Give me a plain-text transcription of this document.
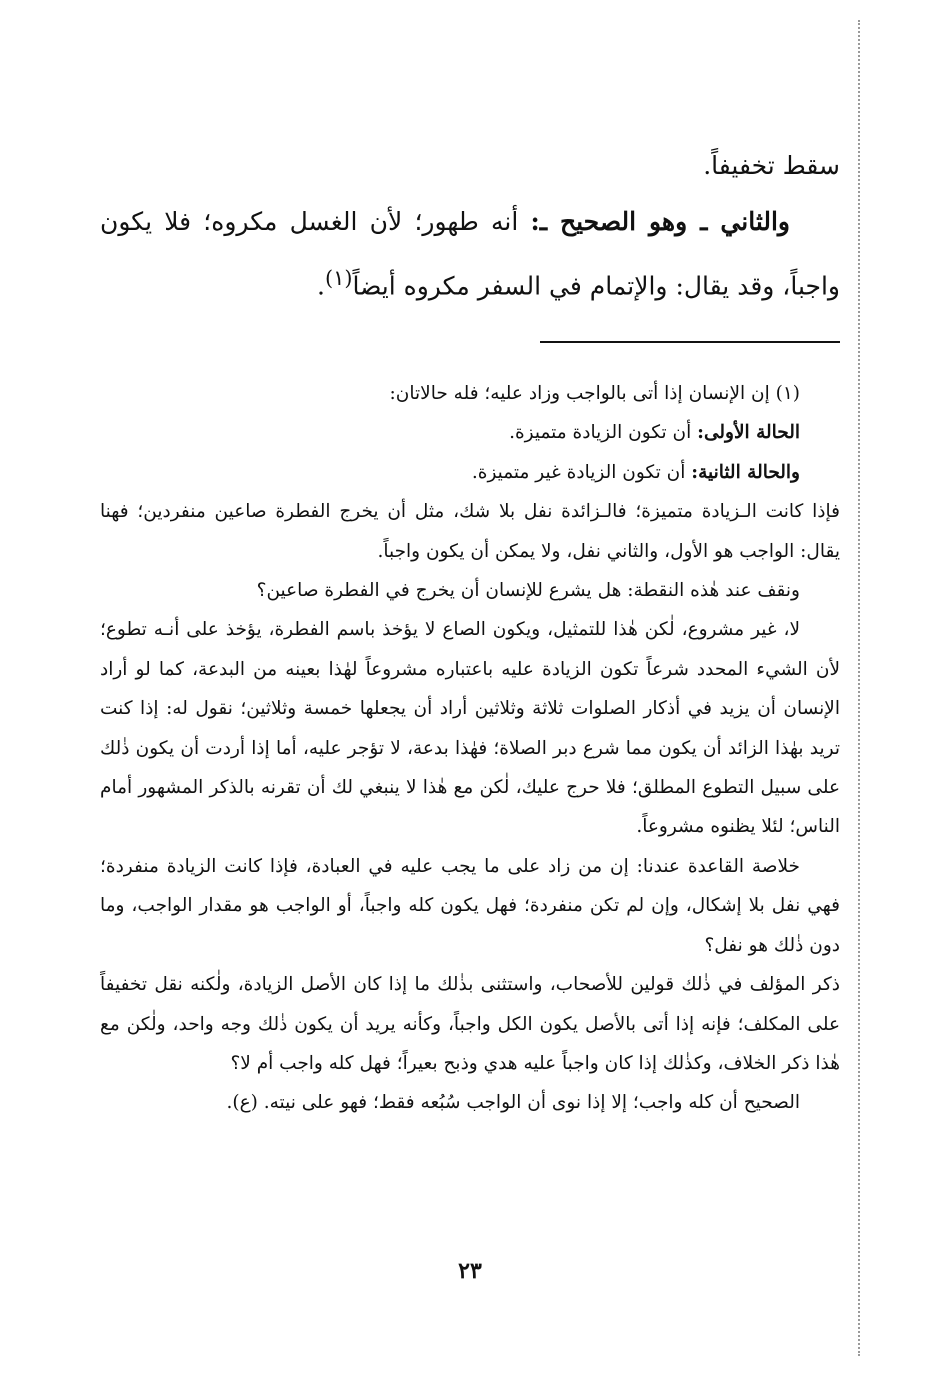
سقط تخفيفاً.

والثاني ـ وهو الصحيح ـ: أنه طهور؛ لأن الغسل مكروه؛ فلا يكون واجباً، وقد يقال: والإتمام في السفر مكروه أيضاً$^{(١)}$.

(١) إن الإنسان إذا أتى بالواجب وزاد عليه؛ فله حالاتان:

الحالة الأولى: أن تكون الزيادة متميزة.

والحالة الثانية: أن تكون الزيادة غير متميزة.

فإذا كانت الـزيادة متميزة؛ فالـزائدة نفل بلا شك، مثل أن يخرج الفطرة صاعين منفردين؛ فهنا يقال: الواجب هو الأول، والثاني نفل، ولا يمكن أن يكون واجباً.

ونقف عند هٰذه النقطة: هل يشرع للإنسان أن يخرج في الفطرة صاعين؟

لا، غير مشروع، لٰكن هٰذا للتمثيل، ويكون الصاع لا يؤخذ باسم الفطرة، يؤخذ على أنـه تطوع؛ لأن الشيء المحدد شرعاً تكون الزيادة عليه باعتباره مشروعاً لهٰذا بعينه من البدعة، كما لو أراد الإنسان أن يزيد في أذكار الصلوات ثلاثة وثلاثين أراد أن يجعلها خمسة وثلاثين؛ نقول له: إذا كنت تريد بهٰذا الزائد أن يكون مما شرع دبر الصلاة؛ فهٰذا بدعة، لا تؤجر عليه، أما إذا أردت أن يكون ذٰلك على سبيل التطوع المطلق؛ فلا حرج عليك، لٰكن مع هٰذا لا ينبغي لك أن تقرنه بالذكر المشهور أمام الناس؛ لئلا يظنوه مشروعاً.

خلاصة القاعدة عندنا: إن من زاد على ما يجب عليه في العبادة، فإذا كانت الزيادة منفردة؛ فهي نفل بلا إشكال، وإن لم تكن منفردة؛ فهل يكون كله واجباً، أو الواجب هو مقدار الواجب، وما دون ذٰلك هو نفل؟

ذكر المؤلف في ذٰلك قولين للأصحاب، واستثنى بذٰلك ما إذا كان الأصل الزيادة، ولٰكنه نقل تخفيفاً على المكلف؛ فإنه إذا أتى بالأصل يكون الكل واجباً، وكأنه يريد أن يكون ذٰلك وجه واحد، ولٰكن مع هٰذا ذكر الخلاف، وكذٰلك إذا كان واجباً عليه هدي وذبح بعيراً؛ فهل كله واجب أم لا؟

الصحيح أن كله واجب؛ إلا إذا نوى أن الواجب سُبُعه فقط؛ فهو على نيته. (ع).

٢٣
